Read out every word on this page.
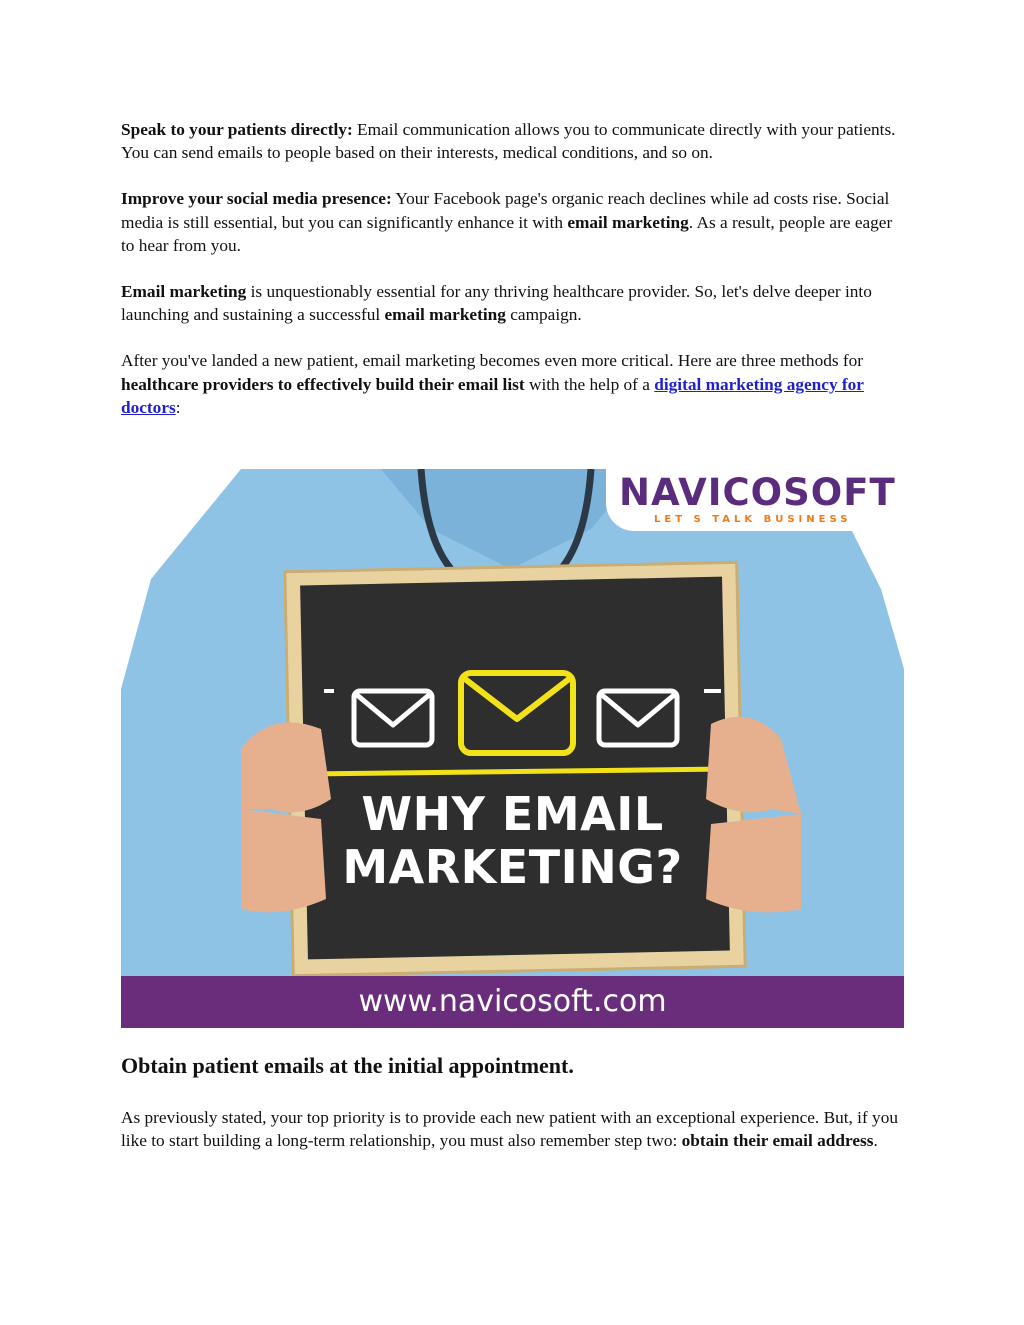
Speak to your patients directly: Email communication allows you to communicate directly with your patients. You can send emails to people based on their interests, medical conditions, and so on.

Improve your social media presence: Your Facebook page's organic reach declines while ad costs rise. Social media is still essential, but you can significantly enhance it with email marketing. As a result, people are eager to hear from you.

Email marketing is unquestionably essential for any thriving healthcare provider. So, let's delve deeper into launching and sustaining a successful email marketing campaign.

After you've landed a new patient, email marketing becomes even more critical. Here are three methods for healthcare providers to effectively build their email list with the help of a digital marketing agency for doctors:

NAVICOSOFT
LET S TALK BUSINESS
WHY EMAIL
MARKETING?
www.navicosoft.com
Obtain patient emails at the initial appointment.

As previously stated, your top priority is to provide each new patient with an exceptional experience. But, if you like to start building a long-term relationship, you must also remember step two: obtain their email address.
